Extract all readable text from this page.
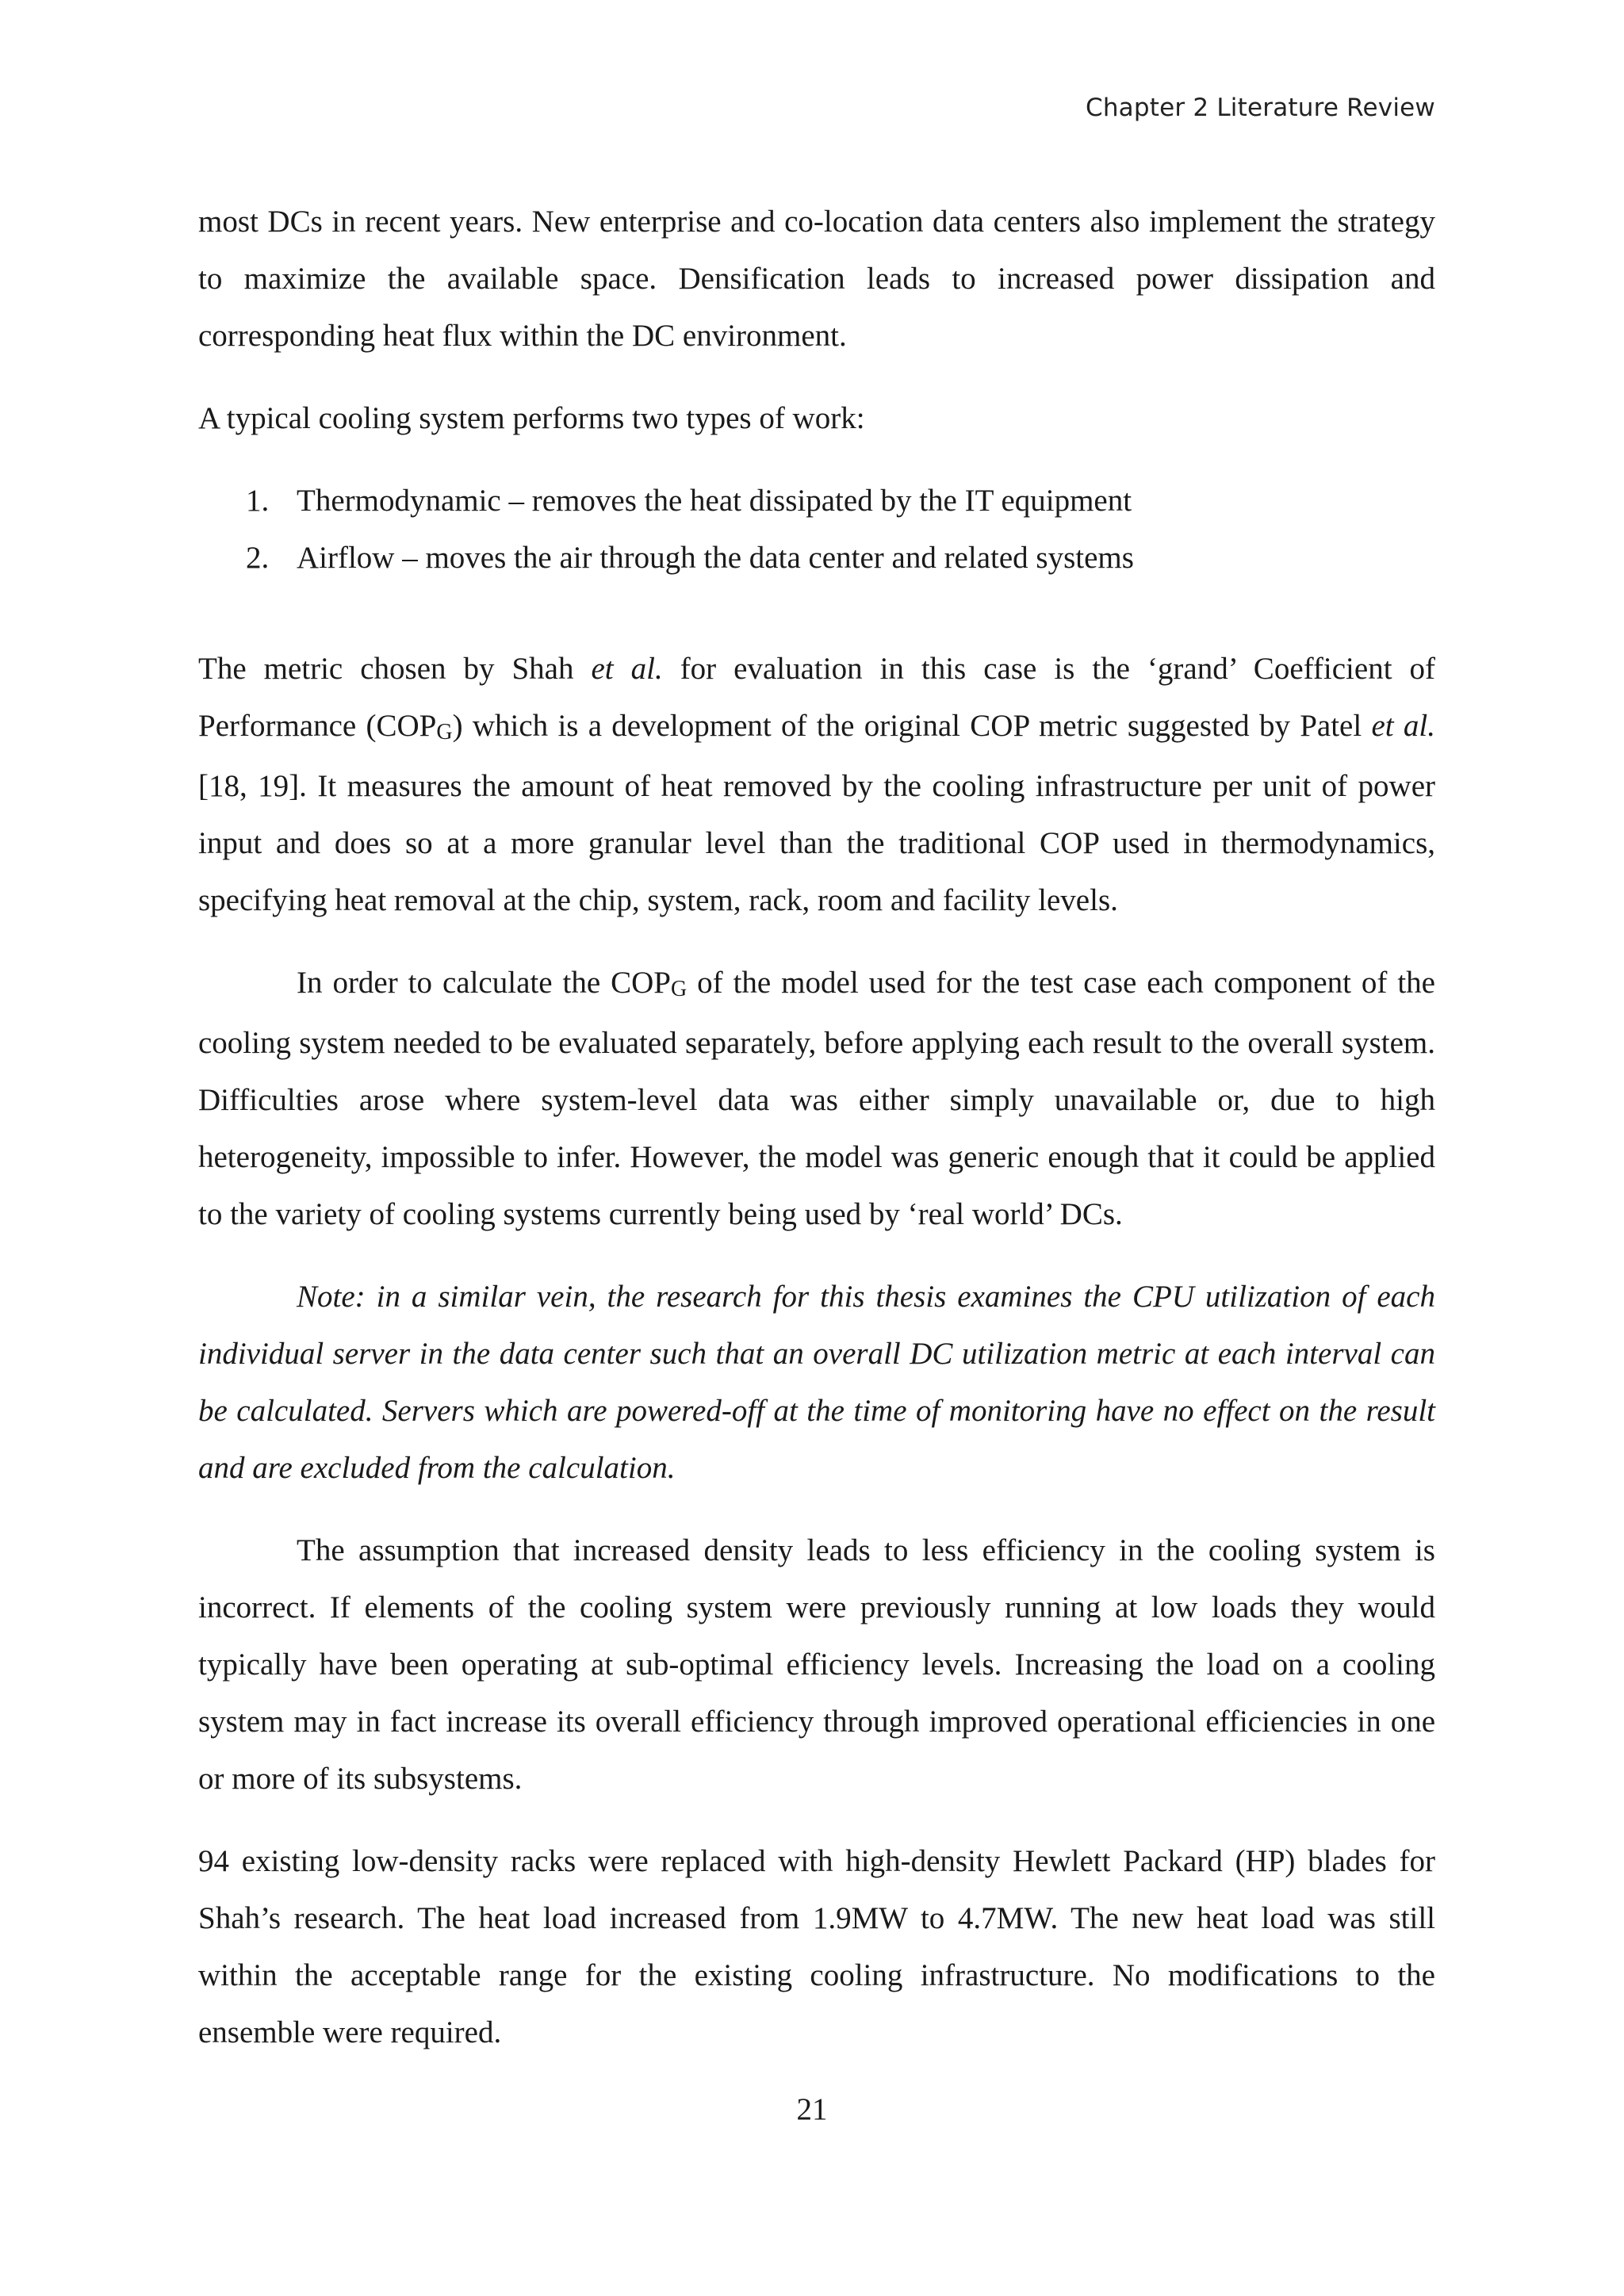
Chapter 2 Literature Review

most DCs in recent years. New enterprise and co-location data centers also implement the strategy to maximize the available space. Densification leads to increased power dissipation and corresponding heat flux within the DC environment.

A typical cooling system performs two types of work:

1. Thermodynamic – removes the heat dissipated by the IT equipment
2. Airflow – moves the air through the data center and related systems

The metric chosen by Shah et al. for evaluation in this case is the ‘grand’ Coefficient of Performance $(COP_G)$ which is a development of the original COP metric suggested by Patel et al. [18, 19]. It measures the amount of heat removed by the cooling infrastructure per unit of power input and does so at a more granular level than the traditional COP used in thermodynamics, specifying heat removal at the chip, system, rack, room and facility levels.

In order to calculate the $COP_G$ of the model used for the test case each component of the cooling system needed to be evaluated separately, before applying each result to the overall system. Difficulties arose where system-level data was either simply unavailable or, due to high heterogeneity, impossible to infer. However, the model was generic enough that it could be applied to the variety of cooling systems currently being used by ‘real world’ DCs.

Note: in a similar vein, the research for this thesis examines the CPU utilization of each individual server in the data center such that an overall DC utilization metric at each interval can be calculated. Servers which are powered-off at the time of monitoring have no effect on the result and are excluded from the calculation.

The assumption that increased density leads to less efficiency in the cooling system is incorrect. If elements of the cooling system were previously running at low loads they would typically have been operating at sub-optimal efficiency levels. Increasing the load on a cooling system may in fact increase its overall efficiency through improved operational efficiencies in one or more of its subsystems.

94 existing low-density racks were replaced with high-density Hewlett Packard (HP) blades for Shah’s research. The heat load increased from 1.9MW to 4.7MW. The new heat load was still within the acceptable range for the existing cooling infrastructure. No modifications to the ensemble were required.

21
